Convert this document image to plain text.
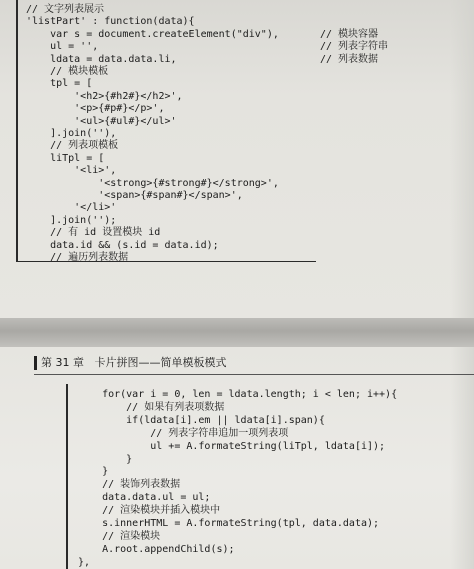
// 文字列表展示
'listPart' : function(data){
var s = document.createElement("div"),	// 模块容器
ul = '',	// 列表字符串
ldata = data.data.li,	// 列表数据
// 模块模板
tpl = [
'<h2>{#h2#}</h2>',
'<p>{#p#}</p>',
'<ul>{#ul#}</ul>'
].join(''),
// 列表项模板
liTpl = [
'<li>',
'<strong>{#strong#}</strong>',
'<span>{#span#}</span>',
'</li>'
].join('');
// 有 id 设置模块 id
data.id && (s.id = data.id);
// 遍历列表数据
第 31 章   卡片拼图——简单模板模式
for(var i = 0, len = ldata.length; i < len; i++){
// 如果有列表项数据
if(ldata[i].em || ldata[i].span){
// 列表字符串追加一项列表项
ul += A.formateString(liTpl, ldata[i]);
}
}
// 装饰列表数据
data.data.ul = ul;
// 渲染模块并插入模块中
s.innerHTML = A.formateString(tpl, data.data);
// 渲染模块
A.root.appendChild(s);
},
